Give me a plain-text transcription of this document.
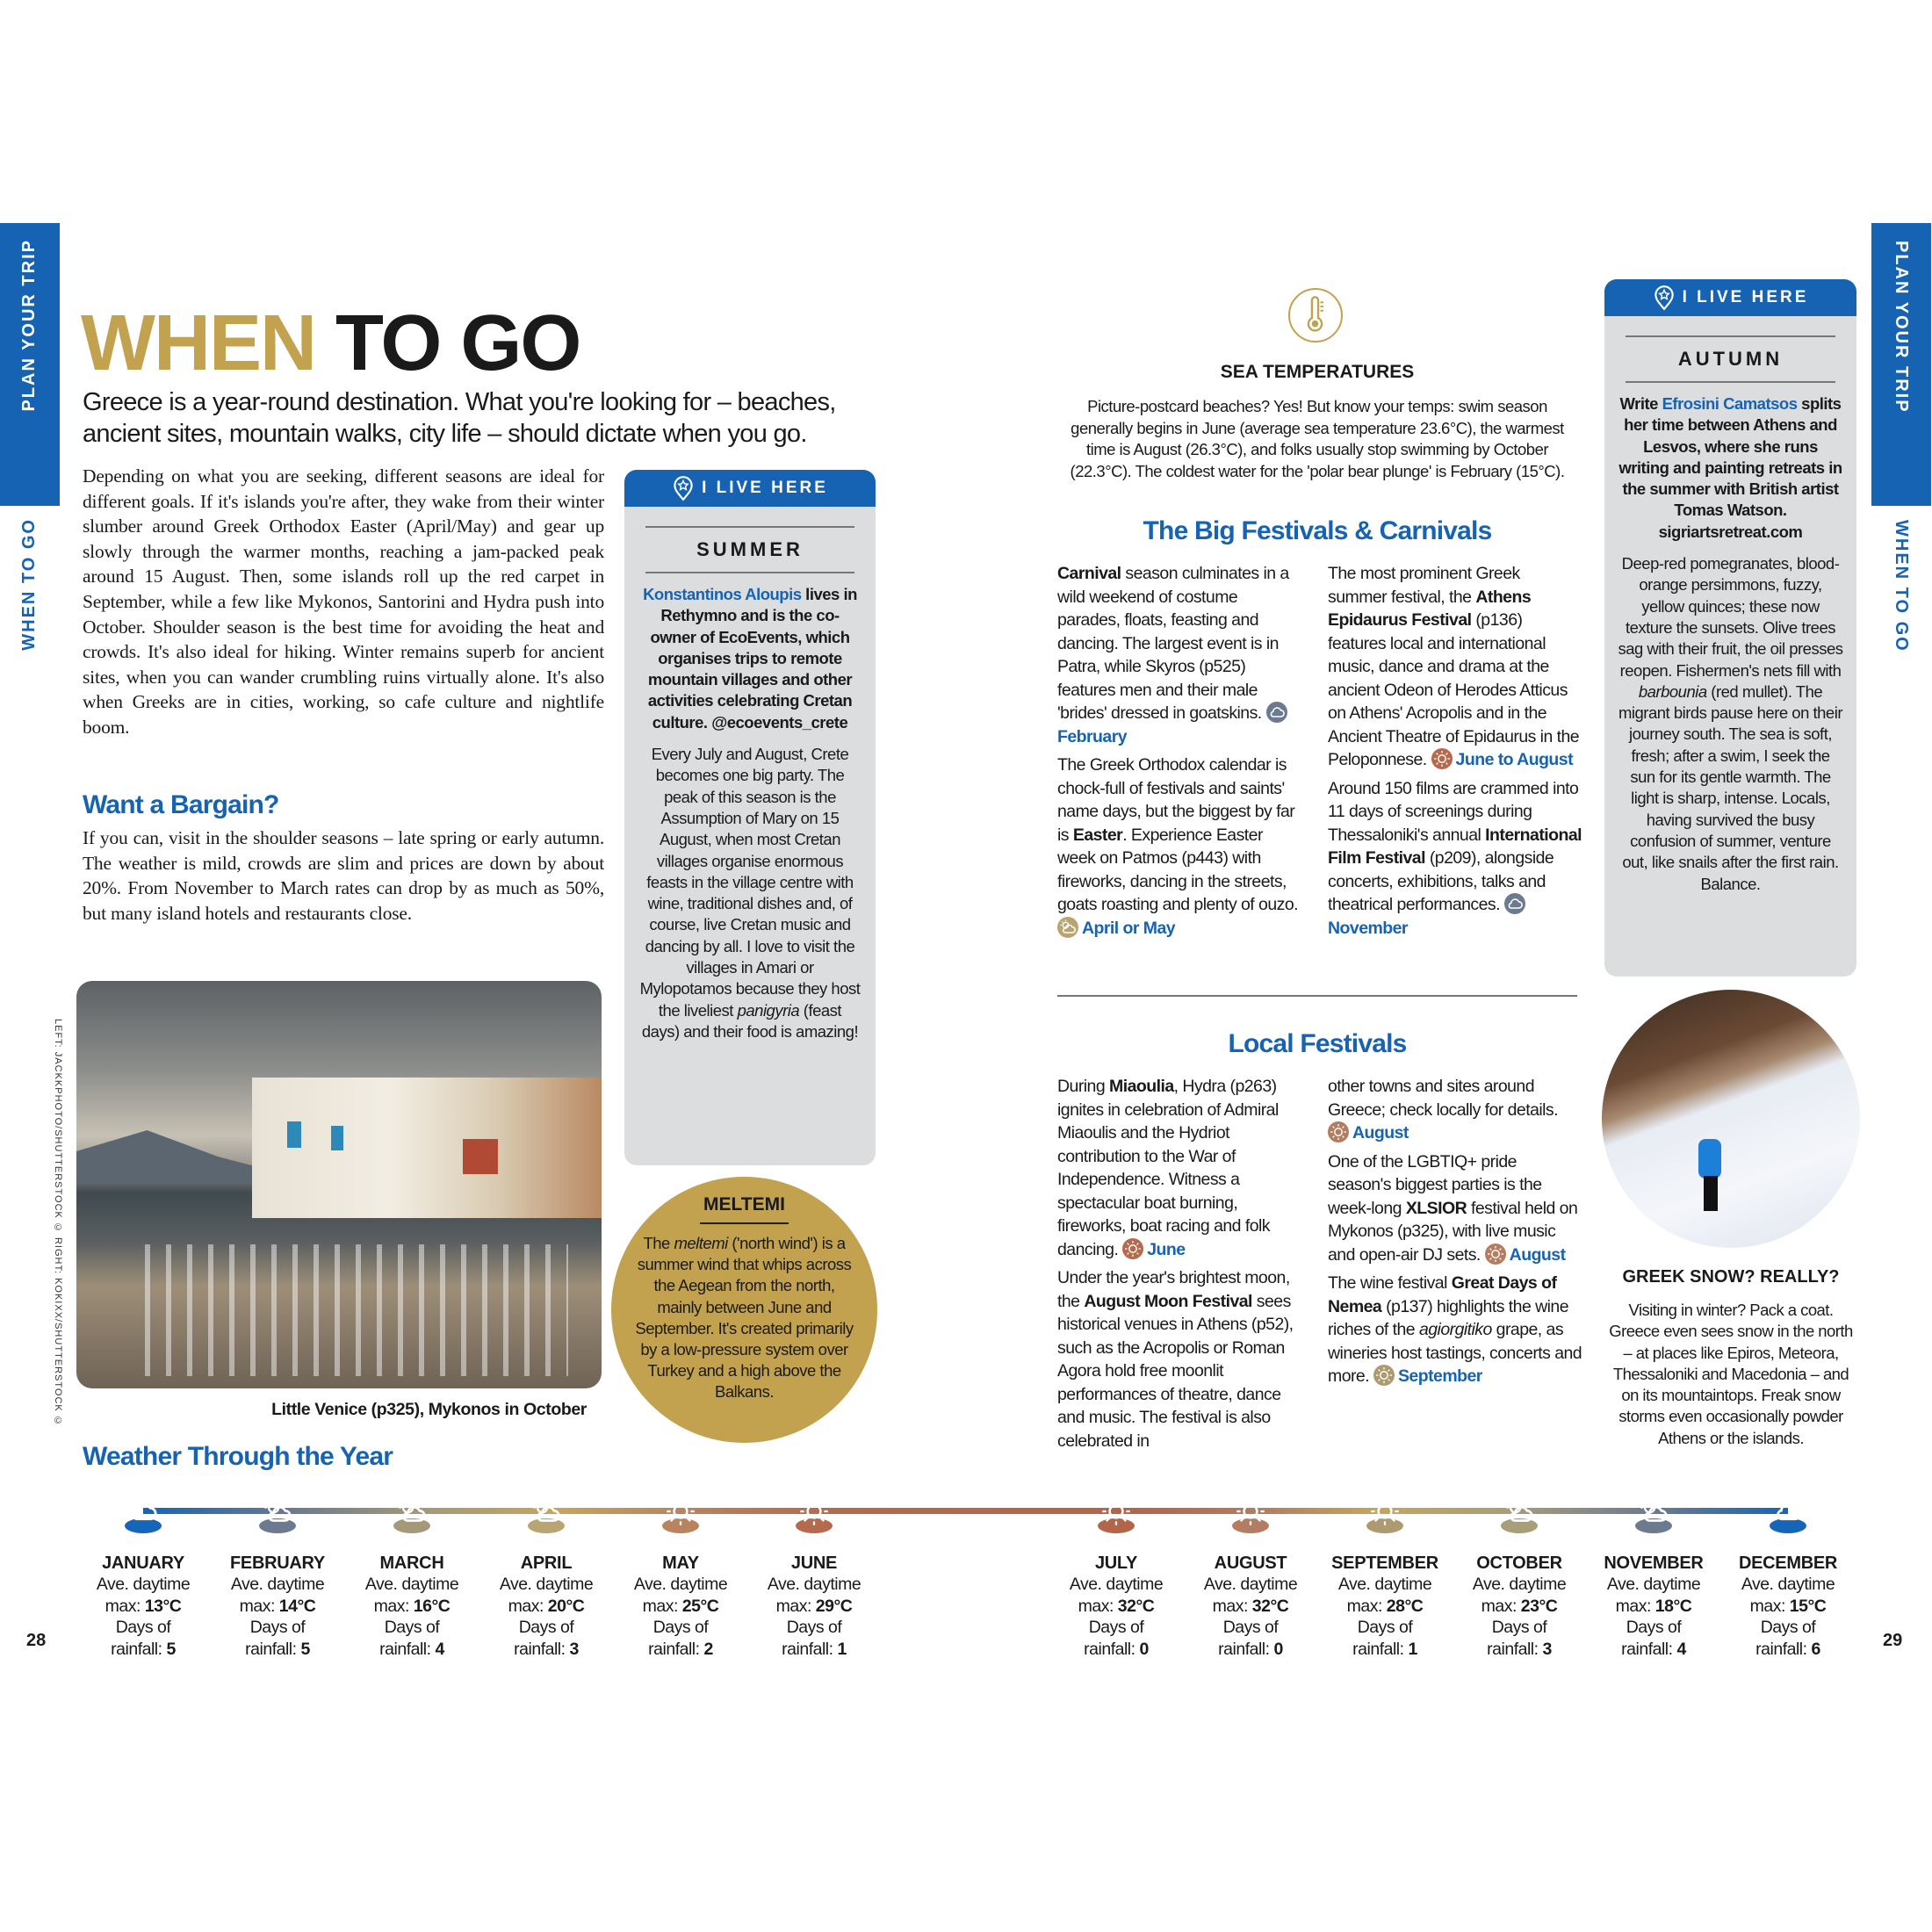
PLAN YOUR TRIP
WHEN TO GO
PLAN YOUR TRIP
WHEN TO GO
WHEN TO GO
Greece is a year-round destination. What you're looking for – beaches, ancient sites, mountain walks, city life – should dictate when you go.
Depending on what you are seeking, different seasons are ideal for different goals. If it's islands you're after, they wake from their winter slumber around Greek Orthodox Easter (April/May) and gear up slowly through the warmer months, reaching a jam-packed peak around 15 August. Then, some islands roll up the red carpet in September, while a few like Mykonos, Santorini and Hydra push into October. Shoulder season is the best time for avoiding the heat and crowds. It's also ideal for hiking. Winter remains superb for ancient sites, when you can wander crumbling ruins virtually alone. It's also when Greeks are in cities, working, so cafe culture and nightlife boom.
Want a Bargain?
If you can, visit in the shoulder seasons – late spring or early autumn. The weather is mild, crowds are slim and prices are down by about 20%. From November to March rates can drop by as much as 50%, but many island hotels and restaurants close.
I LIVE HERE
SUMMER
Konstantinos Aloupis lives in Rethymno and is the co-owner of EcoEvents, which organises trips to remote mountain villages and other activities celebrating Cretan culture. @ecoevents_crete
Every July and August, Crete becomes one big party. The peak of this season is the Assumption of Mary on 15 August, when most Cretan villages organise enormous feasts in the village centre with wine, traditional dishes and, of course, live Cretan music and dancing by all. I love to visit the villages in Amari or Mylopotamos because they host the liveliest panigyria (feast days) and their food is amazing!
LEFT: JACKKPHOTO/SHUTTERSTOCK © RIGHT: KOKIXX/SHUTTERSTOCK ©	Little Venice (p325), Mykonos in October
MELTEMI
The meltemi ('north wind') is a summer wind that whips across the Aegean from the north, mainly between June and September. It's created primarily by a low-pressure system over Turkey and a high above the Balkans.
Weather Through the Year
JANUARY
Ave. daytime max: 13°C
Days of rainfall: 5
FEBRUARY
Ave. daytime max: 14°C
Days of rainfall: 5
MARCH
Ave. daytime max: 16°C
Days of rainfall: 4
APRIL
Ave. daytime max: 20°C
Days of rainfall: 3
MAY
Ave. daytime max: 25°C
Days of rainfall: 2
JUNE
Ave. daytime max: 29°C
Days of rainfall: 1
JULY
Ave. daytime max: 32°C
Days of rainfall: 0
AUGUST
Ave. daytime max: 32°C
Days of rainfall: 0
SEPTEMBER
Ave. daytime max: 28°C
Days of rainfall: 1
OCTOBER
Ave. daytime max: 23°C
Days of rainfall: 3
NOVEMBER
Ave. daytime max: 18°C
Days of rainfall: 4
DECEMBER
Ave. daytime max: 15°C
Days of rainfall: 6
28	29
SEA TEMPERATURES
Picture-postcard beaches? Yes! But know your temps: swim season generally begins in June (average sea temperature 23.6°C), the warmest time is August (26.3°C), and folks usually stop swimming by October (22.3°C). The coldest water for the 'polar bear plunge' is February (15°C).
The Big Festivals & Carnivals

Carnival season culminates in a wild weekend of costume parades, floats, feasting and dancing. The largest event is in Patra, while Skyros (p525) features men and their male 'brides' dressed in goatskins. February

The Greek Orthodox calendar is chock-full of festivals and saints' name days, but the biggest by far is Easter. Experience Easter week on Patmos (p443) with fireworks, dancing in the streets, goats roasting and plenty of ouzo. April or May

The most prominent Greek summer festival, the Athens Epidaurus Festival (p136) features local and international music, dance and drama at the ancient Odeon of Herodes Atticus on Athens' Acropolis and in the Ancient Theatre of Epidaurus in the Peloponnese. June to August

Around 150 films are crammed into 11 days of screenings during Thessaloniki's annual International Film Festival (p209), alongside concerts, exhibitions, talks and theatrical performances. November

Local Festivals

During Miaoulia, Hydra (p263) ignites in celebration of Admiral Miaoulis and the Hydriot contribution to the War of Independence. Witness a spectacular boat burning, fireworks, boat racing and folk dancing. June

Under the year's brightest moon, the August Moon Festival sees historical venues in Athens (p52), such as the Acropolis or Roman Agora hold free moonlit performances of theatre, dance and music. The festival is also celebrated in

other towns and sites around Greece; check locally for details. August

One of the LGBTIQ+ pride season's biggest parties is the week-long XLSIOR festival held on Mykonos (p325), with live music and open-air DJ sets. August

The wine festival Great Days of Nemea (p137) highlights the wine riches of the agiorgitiko grape, as wineries host tastings, concerts and more. September

I LIVE HERE
AUTUMN
Write Efrosini Camatsos splits her time between Athens and Lesvos, where she runs writing and painting retreats in the summer with British artist Tomas Watson. sigriartsretreat.com
Deep-red pomegranates, blood-orange persimmons, fuzzy, yellow quinces; these now texture the sunsets. Olive trees sag with their fruit, the oil presses reopen. Fishermen's nets fill with barbounia (red mullet). The migrant birds pause here on their journey south. The sea is soft, fresh; after a swim, I seek the sun for its gentle warmth. The light is sharp, intense. Locals, having survived the busy confusion of summer, venture out, like snails after the first rain. Balance.
GREEK SNOW? REALLY?
Visiting in winter? Pack a coat. Greece even sees snow in the north – at places like Epiros, Meteora, Thessaloniki and Macedonia – and on its mountaintops. Freak snow storms even occasionally powder Athens or the islands.
